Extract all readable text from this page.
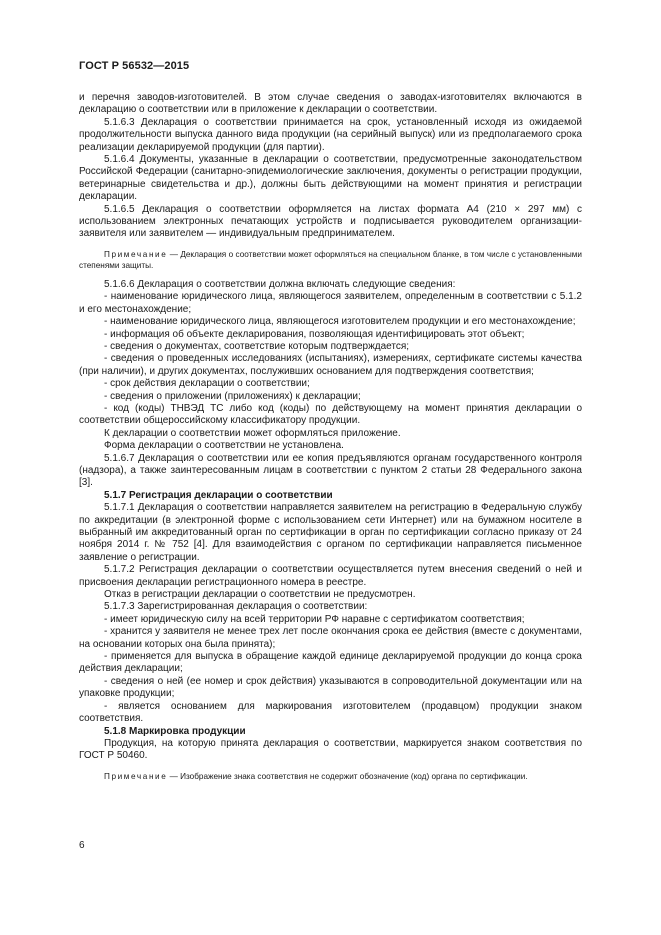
ГОСТ Р 56532—2015

и перечня заводов-изготовителей. В этом случае сведения о заводах-изготовителях включаются в декларацию о соответствии или в приложение к декларации о соответствии.

5.1.6.3 Декларация о соответствии принимается на срок, установленный исходя из ожидаемой продолжительности выпуска данного вида продукции (на серийный выпуск) или из предполагаемого срока реализации декларируемой продукции (для партии).

5.1.6.4 Документы, указанные в декларации о соответствии, предусмотренные законодательством Российской Федерации (санитарно-эпидемиологические заключения, документы о регистрации продукции, ветеринарные свидетельства и др.), должны быть действующими на момент принятия и регистрации декларации.

5.1.6.5 Декларация о соответствии оформляется на листах формата А4 (210 × 297 мм) с использованием электронных печатающих устройств и подписывается руководителем организации-заявителя или заявителем — индивидуальным предпринимателем.

Примечание — Декларация о соответствии может оформляться на специальном бланке, в том числе с установленными степенями защиты.

5.1.6.6 Декларация о соответствии должна включать следующие сведения:

- наименование юридического лица, являющегося заявителем, определенным в соответствии с 5.1.2 и его местонахождение;

- наименование юридического лица, являющегося изготовителем продукции и его местонахождение;

- информация об объекте декларирования, позволяющая идентифицировать этот объект;

- сведения о документах, соответствие которым подтверждается;

- сведения о проведенных исследованиях (испытаниях), измерениях, сертификате системы качества (при наличии), и других документах, послуживших основанием для подтверждения соответствия;

- срок действия декларации о соответствии;

- сведения о приложении (приложениях) к декларации;

- код (коды) ТНВЭД ТС либо код (коды) по действующему на момент принятия декларации о соответствии общероссийскому классификатору продукции.

К декларации о соответствии может оформляться приложение.

Форма декларации о соответствии не установлена.

5.1.6.7 Декларация о соответствии или ее копия предъявляются органам государственного контроля (надзора), а также заинтересованным лицам в соответствии с пунктом 2 статьи 28 Федерального закона [3].

5.1.7 Регистрация декларации о соответствии

5.1.7.1 Декларация о соответствии направляется заявителем на регистрацию в Федеральную службу по аккредитации (в электронной форме с использованием сети Интернет) или на бумажном носителе в выбранный им аккредитованный орган по сертификации в орган по сертификации согласно приказу от 24 ноября 2014 г. № 752 [4]. Для взаимодействия с органом по сертификации направляется письменное заявление о регистрации.

5.1.7.2 Регистрация декларации о соответствии осуществляется путем внесения сведений о ней и присвоения декларации регистрационного номера в реестре.

Отказ в регистрации декларации о соответствии не предусмотрен.

5.1.7.3 Зарегистрированная декларация о соответствии:

- имеет юридическую силу на всей территории РФ наравне с сертификатом соответствия;

- хранится у заявителя не менее трех лет после окончания срока ее действия (вместе с документами, на основании которых она была принята);

- применяется для выпуска в обращение каждой единице декларируемой продукции до конца срока действия декларации;

- сведения о ней (ее номер и срок действия) указываются в сопроводительной документации или на упаковке продукции;

- является основанием для маркирования изготовителем (продавцом) продукции знаком соответствия.

5.1.8 Маркировка продукции

Продукция, на которую принята декларация о соответствии, маркируется знаком соответствия по ГОСТ Р 50460.

Примечание — Изображение знака соответствия не содержит обозначение (код) органа по сертификации.

6
